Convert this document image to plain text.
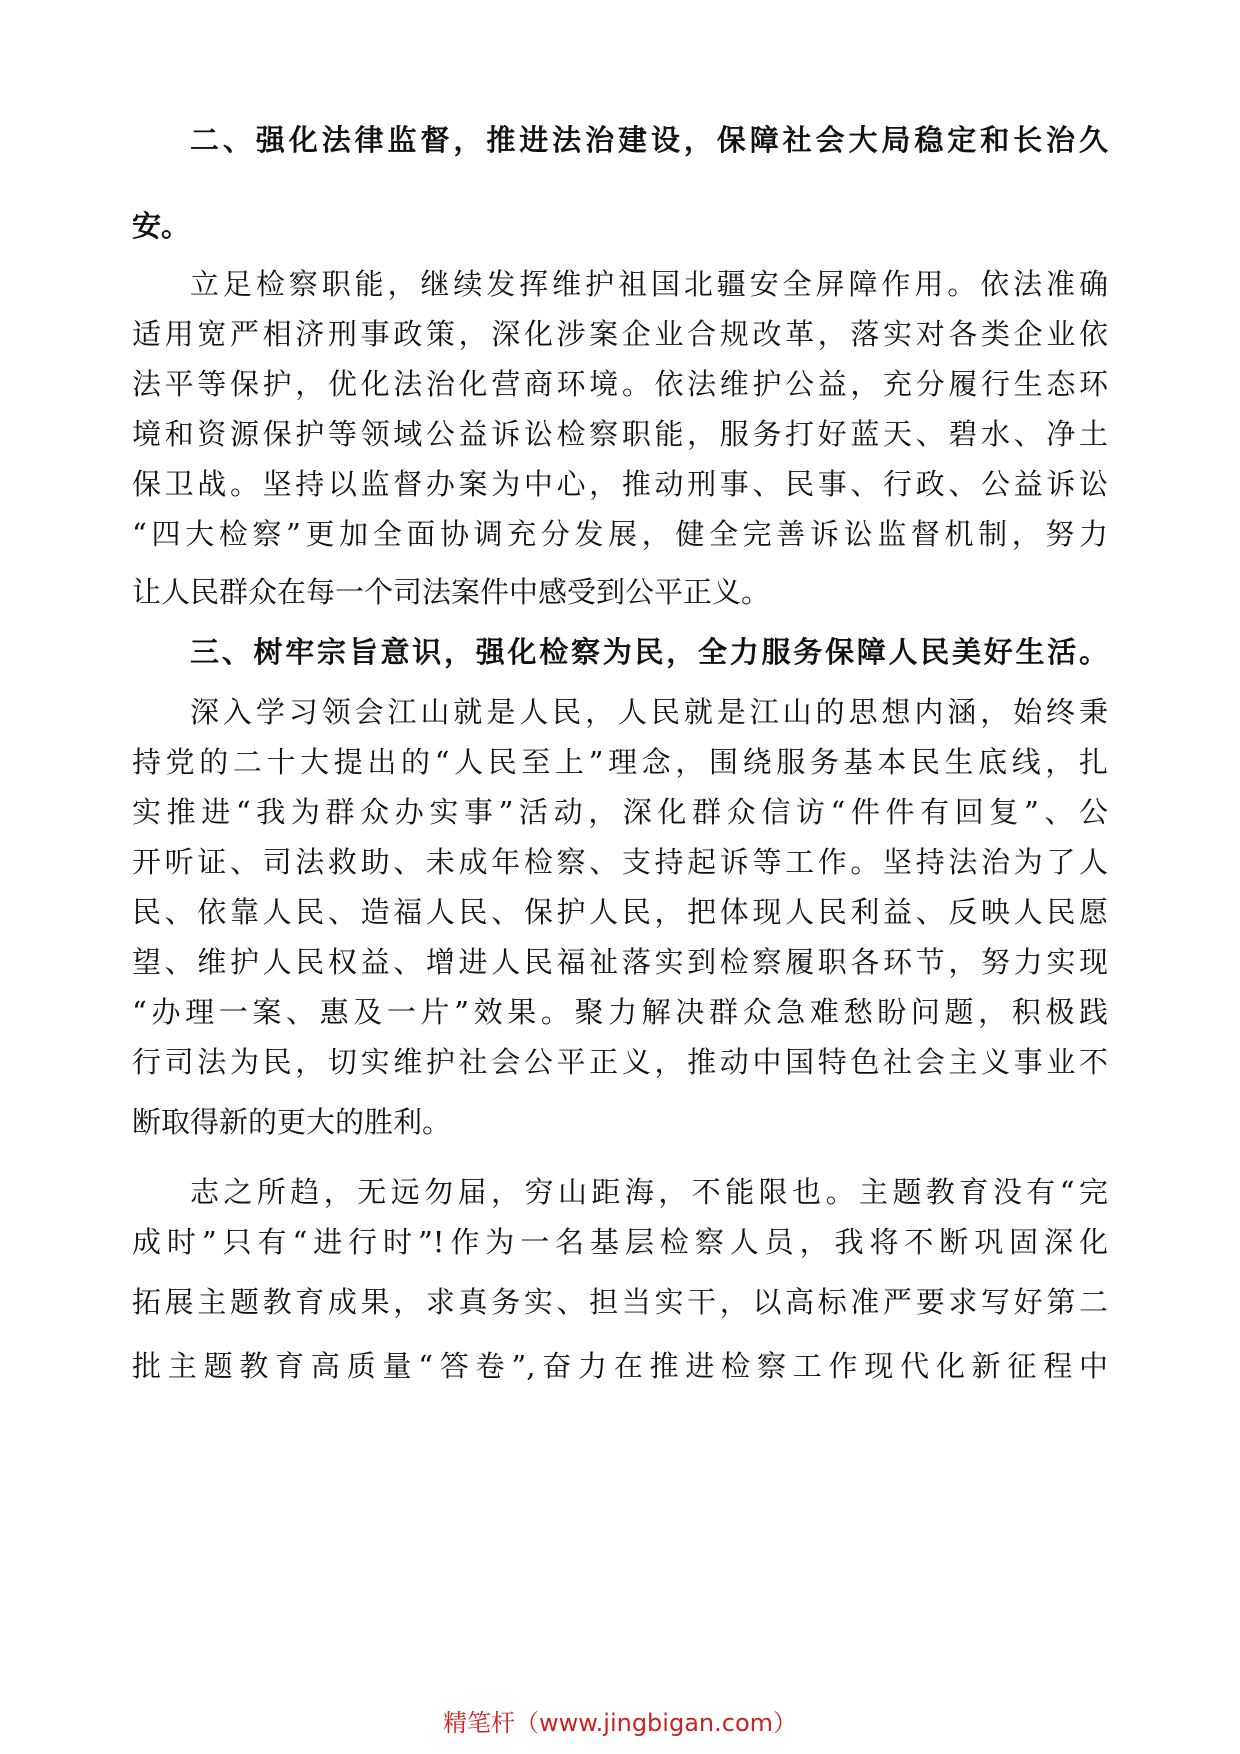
二、强化法律监督，推进法治建设，保障社会大局稳定和长治久
安。
立足检察职能，继续发挥维护祖国北疆安全屏障作用。依法准确
适用宽严相济刑事政策，深化涉案企业合规改革，落实对各类企业依
法平等保护，优化法治化营商环境。依法维护公益，充分履行生态环
境和资源保护等领域公益诉讼检察职能，服务打好蓝天、碧水、净土
保卫战。坚持以监督办案为中心，推动刑事、民事、行政、公益诉讼
“四大检察”更加全面协调充分发展，健全完善诉讼监督机制，努力
让人民群众在每一个司法案件中感受到公平正义。
三、树牢宗旨意识，强化检察为民，全力服务保障人民美好生活。
深入学习领会江山就是人民，人民就是江山的思想内涵，始终秉
持党的二十大提出的“人民至上”理念，围绕服务基本民生底线，扎
实推进“我为群众办实事”活动，深化群众信访“件件有回复”、公
开听证、司法救助、未成年检察、支持起诉等工作。坚持法治为了人
民、依靠人民、造福人民、保护人民，把体现人民利益、反映人民愿
望、维护人民权益、增进人民福祉落实到检察履职各环节，努力实现
“办理一案、惠及一片”效果。聚力解决群众急难愁盼问题，积极践
行司法为民，切实维护社会公平正义，推动中国特色社会主义事业不
断取得新的更大的胜利。
志之所趋，无远勿届，穷山距海，不能限也。主题教育没有“完
成时”只有“进行时”!作为一名基层检察人员，我将不断巩固深化
拓展主题教育成果，求真务实、担当实干，以高标准严要求写好第二
批主题教育高质量“答卷”,奋力在推进检察工作现代化新征程中
精笔杆（www.jingbigan.com）
